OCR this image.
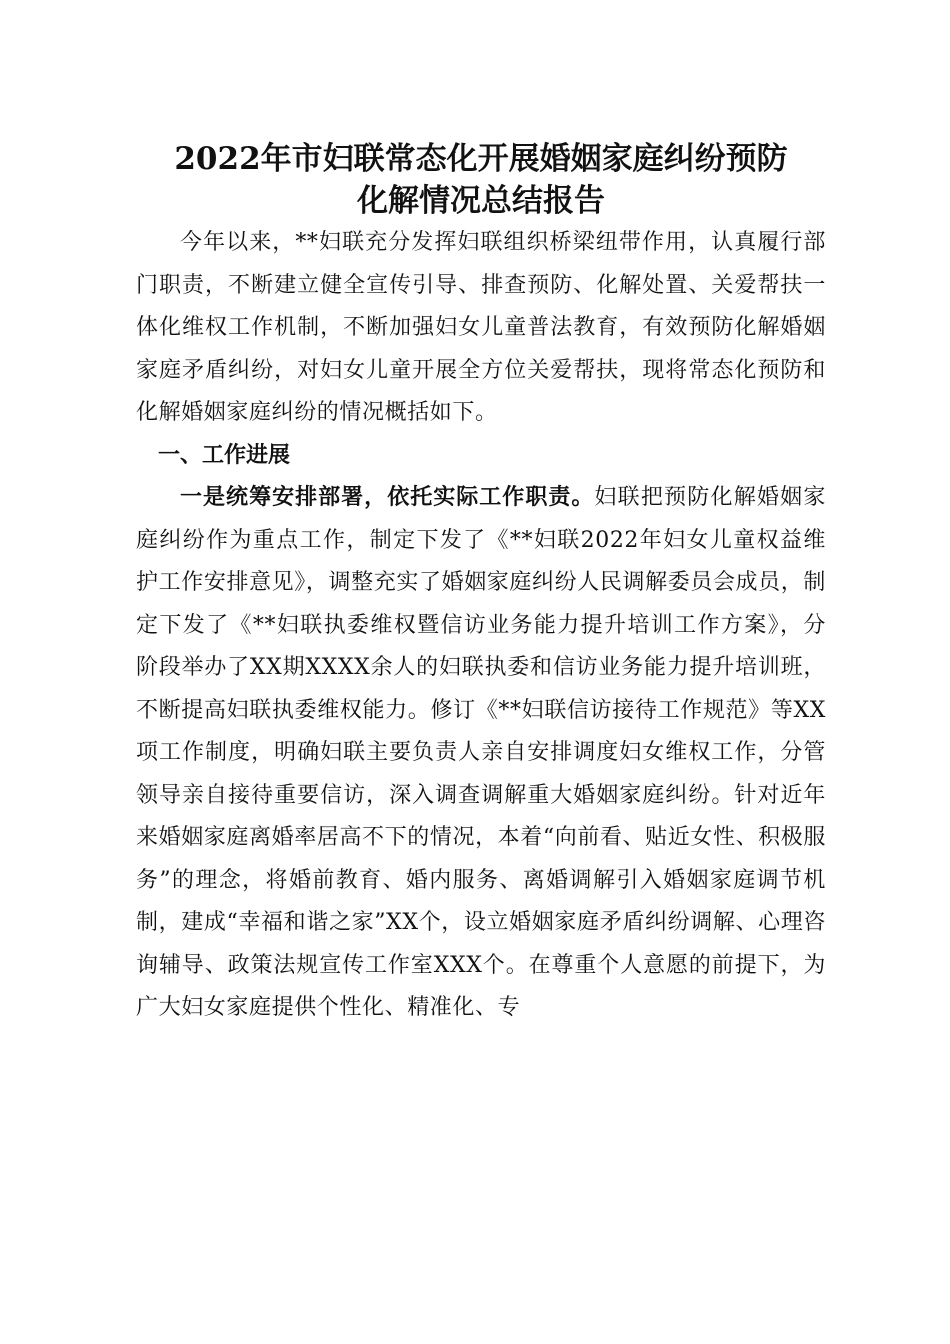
2022年市妇联常态化开展婚姻家庭纠纷预防
化解情况总结报告

今年以来，**妇联充分发挥妇联组织桥梁纽带作用，认真履行部门职责，不断建立健全宣传引导、排查预防、化解处置、关爱帮扶一体化维权工作机制，不断加强妇女儿童普法教育，有效预防化解婚姻家庭矛盾纠纷，对妇女儿童开展全方位关爱帮扶，现将常态化预防和化解婚姻家庭纠纷的情况概括如下。

一、工作进展

一是统筹安排部署，依托实际工作职责。妇联把预防化解婚姻家庭纠纷作为重点工作，制定下发了《**妇联2022年妇女儿童权益维护工作安排意见》，调整充实了婚姻家庭纠纷人民调解委员会成员，制定下发了《**妇联执委维权暨信访业务能力提升培训工作方案》，分阶段举办了XX期XXXX余人的妇联执委和信访业务能力提升培训班，不断提高妇联执委维权能力。修订《**妇联信访接待工作规范》等XX项工作制度，明确妇联主要负责人亲自安排调度妇女维权工作，分管领导亲自接待重要信访，深入调查调解重大婚姻家庭纠纷。针对近年来婚姻家庭离婚率居高不下的情况，本着“向前看、贴近女性、积极服务”的理念，将婚前教育、婚内服务、离婚调解引入婚姻家庭调节机制，建成“幸福和谐之家”XX个，设立婚姻家庭矛盾纠纷调解、心理咨询辅导、政策法规宣传工作室XXX个。在尊重个人意愿的前提下，为广大妇女家庭提供个性化、精准化、专
